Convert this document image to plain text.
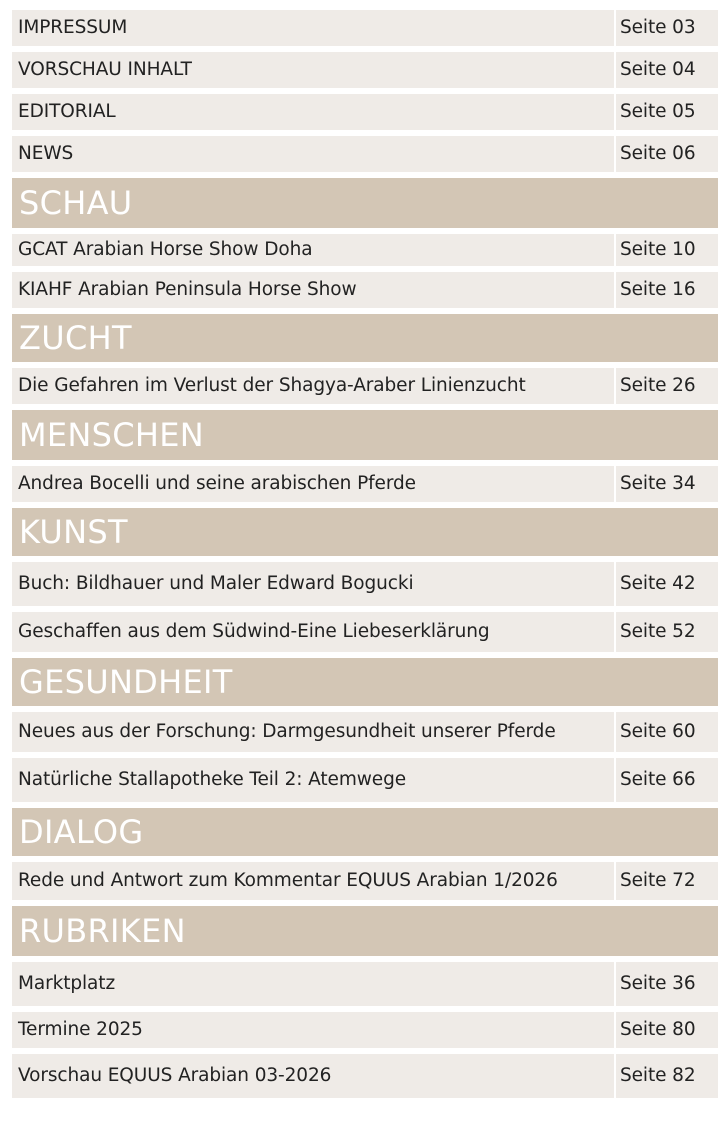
IMPRESSUM	Seite 03
VORSCHAU INHALT	Seite 04
EDITORIAL	Seite 05
NEWS	Seite 06
SCHAU
GCAT Arabian Horse Show Doha	Seite 10
KIAHF Arabian Peninsula Horse Show	Seite 16
ZUCHT
Die Gefahren im Verlust der Shagya-Araber Linienzucht	Seite 26
MENSCHEN
Andrea Bocelli und seine arabischen Pferde	Seite 34
KUNST
Buch: Bildhauer und Maler Edward Bogucki	Seite 42
Geschaffen aus dem Südwind-Eine Liebeserklärung	Seite 52
GESUNDHEIT
Neues aus der Forschung: Darmgesundheit unserer Pferde	Seite 60
Natürliche Stallapotheke Teil 2: Atemwege	Seite 66
DIALOG
Rede und Antwort zum Kommentar EQUUS Arabian 1/2026	Seite 72
RUBRIKEN
Marktplatz	Seite 36
Termine 2025	Seite 80
Vorschau EQUUS Arabian 03-2026	Seite 82
